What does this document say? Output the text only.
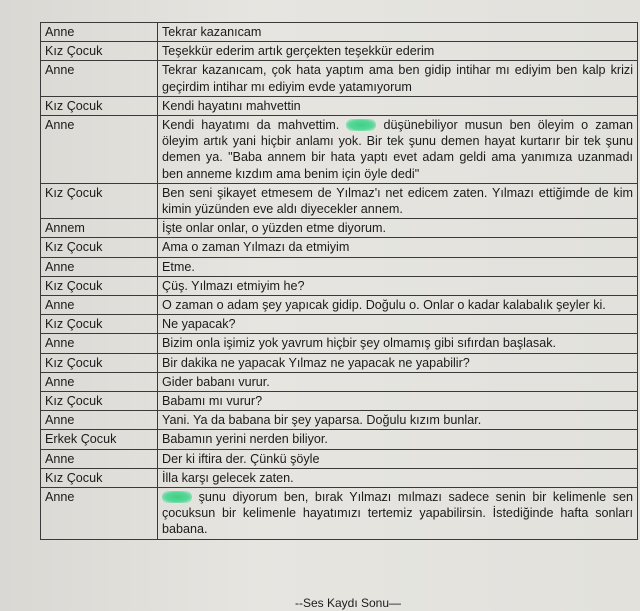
Anne	Tekrar kazanıcam
Kız Çocuk	Teşekkür ederim artık gerçekten teşekkür ederim
Anne	Tekrar kazanıcam, çok hata yaptım ama ben gidip intihar mı ediyim ben kalp krizi geçirdim intihar mı ediyim evde yatamıyorum
Kız Çocuk	Kendi hayatını mahvettin
Anne	Kendi hayatımı da mahvettim. düşünebiliyor musun ben öleyim o zaman öleyim artık yani hiçbir anlamı yok. Bir tek şunu demen hayat kurtarır bir tek şunu demen ya. "Baba annem bir hata yaptı evet adam geldi ama yanımıza uzanmadı ben anneme kızdım ama benim için öyle dedi"
Kız Çocuk	Ben seni şikayet etmesem de Yılmaz'ı net edicem zaten. Yılmazı ettiğimde de kim kimin yüzünden eve aldı diyecekler annem.
Annem	İşte onlar onlar, o yüzden etme diyorum.
Kız Çocuk	Ama o zaman Yılmazı da etmiyim
Anne	Etme.
Kız Çocuk	Çüş. Yılmazı etmiyim he?
Anne	O zaman o adam şey yapıcak gidip. Doğulu o. Onlar o kadar kalabalık şeyler ki.
Kız Çocuk	Ne yapacak?
Anne	Bizim onla işimiz yok yavrum hiçbir şey olmamış gibi sıfırdan başlasak.
Kız Çocuk	Bir dakika ne yapacak Yılmaz ne yapacak ne yapabilir?
Anne	Gider babanı vurur.
Kız Çocuk	Babamı mı vurur?
Anne	Yani. Ya da babana bir şey yaparsa. Doğulu kızım bunlar.
Erkek Çocuk	Babamın yerini nerden biliyor.
Anne	Der ki iftira der. Çünkü şöyle
Kız Çocuk	İlla karşı gelecek zaten.
Anne	şunu diyorum ben, bırak Yılmazı mılmazı sadece senin bir kelimenle sen çocuksun bir kelimenle hayatımızı tertemiz yapabilirsin. İstediğinde hafta sonları babana.
--Ses Kaydı Sonu—
